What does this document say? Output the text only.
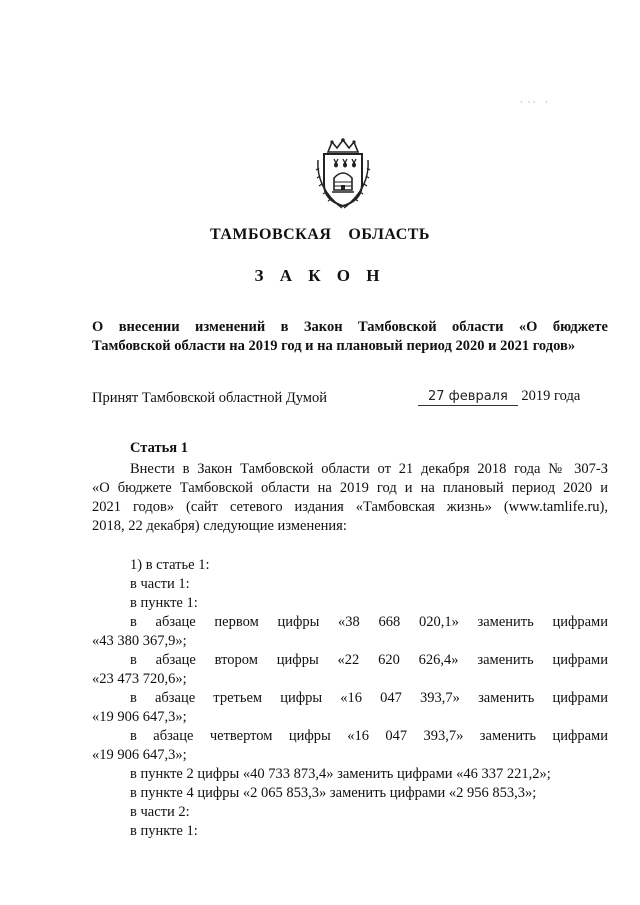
·  · ·    ·
ТАМБОВСКАЯ  ОБЛАСТЬ
З А К О Н
О внесении изменений в Закон Тамбовской области «О бюджете
Тамбовской области на 2019 год и на плановый период 2020 и 2021 годов»
Принят Тамбовской областной Думой	27 февраля 2019 года
Статья 1
Внести в Закон Тамбовской области от 21 декабря 2018 года № 307-З
«О бюджете Тамбовской области на 2019 год и на плановый период 2020 и
2021 годов» (сайт сетевого издания «Тамбовская жизнь» (www.tamlife.ru),
2018, 22 декабря) следующие изменения:
1) в статье 1:
в части 1:
в пункте 1:
в абзаце первом цифры «38 668 020,1» заменить цифрами
«43 380 367,9»;
в абзаце втором цифры «22 620 626,4» заменить цифрами
«23 473 720,6»;
в абзаце третьем цифры «16 047 393,7» заменить цифрами
«19 906 647,3»;
в абзаце четвертом цифры «16 047 393,7» заменить цифрами
«19 906 647,3»;
в пункте 2 цифры «40 733 873,4» заменить цифрами «46 337 221,2»;
в пункте 4 цифры «2 065 853,3» заменить цифрами «2 956 853,3»;
в части 2:
в пункте 1:
